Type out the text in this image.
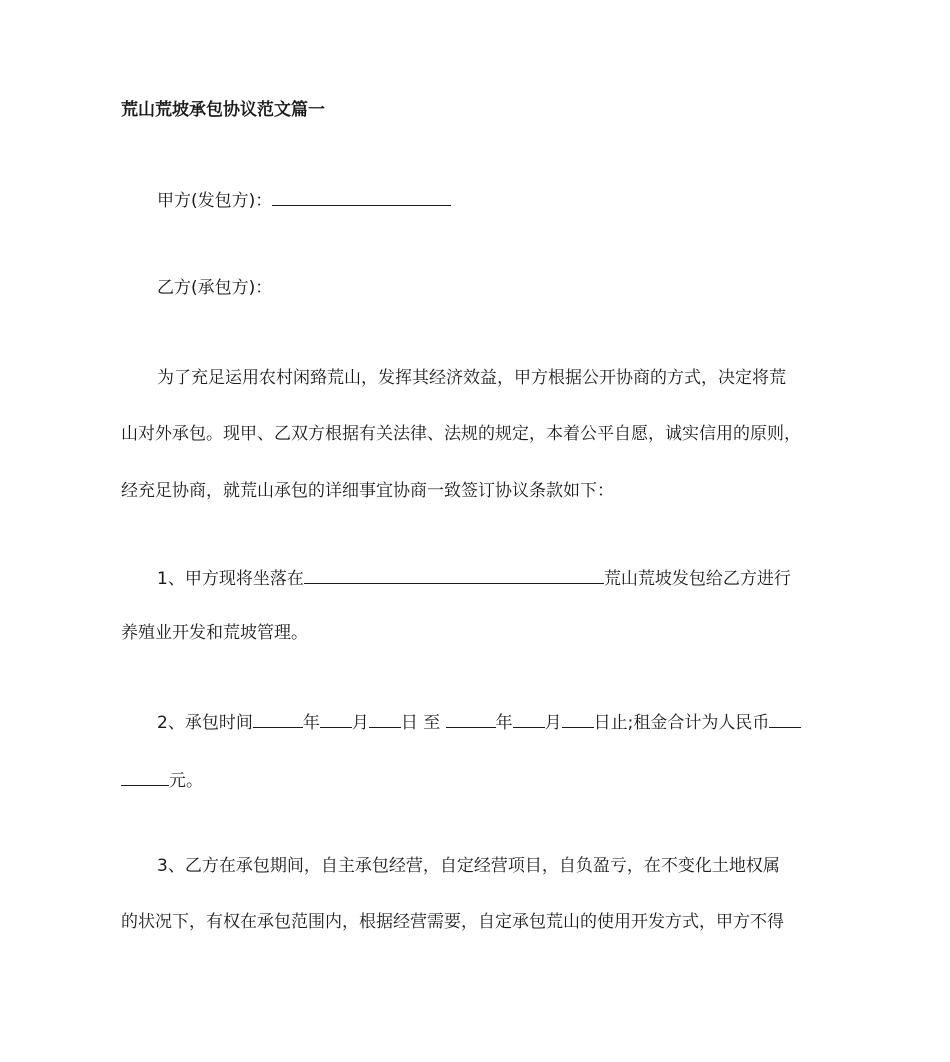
荒山荒坡承包协议范文篇一
甲方(发包方)：
乙方(承包方)：
为了充足运用农村闲臵荒山，发挥其经济效益，甲方根据公开协商的方式，决定将荒
山对外承包。现甲、乙双方根据有关法律、法规的规定，本着公平自愿，诚实信用的原则，
经充足协商，就荒山承包的详细事宜协商一致签订协议条款如下：
1、甲方现将坐落在	荒山荒坡发包给乙方进行
养殖业开发和荒坡管理。
2、承包时间	年 月 日 至	年 月 日止;租金合计为人民币
元。
3、乙方在承包期间，自主承包经营，自定经营项目，自负盈亏，在不变化土地权属
的状况下，有权在承包范围内，根据经营需要，自定承包荒山的使用开发方式，甲方不得
